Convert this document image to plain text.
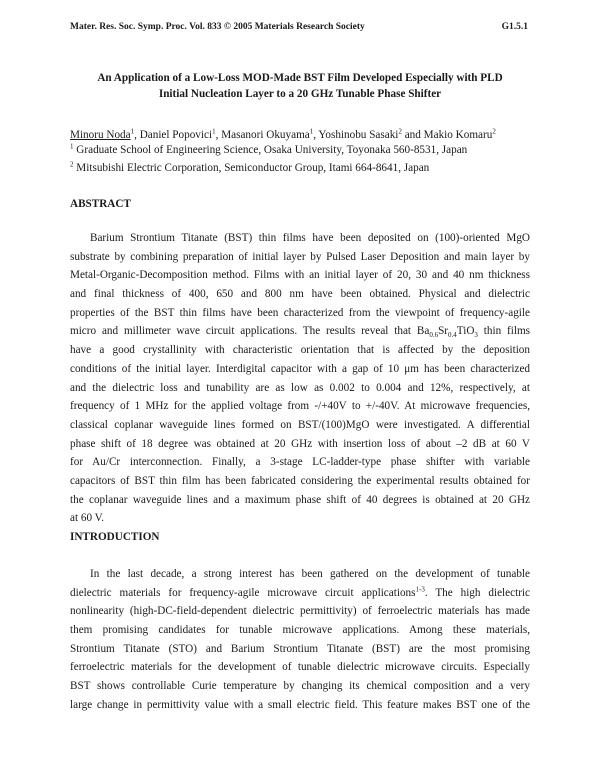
Mater. Res. Soc. Symp. Proc. Vol. 833 © 2005 Materials Research Society	G1.5.1
An Application of a Low-Loss MOD-Made BST Film Developed Especially with PLD
Initial Nucleation Layer to a 20 GHz Tunable Phase Shifter
Minoru Noda$^1$, Daniel Popovici$^1$, Masanori Okuyama$^1$, Yoshinobu Sasaki$^2$ and Makio Komaru$^2$
$^1$ Graduate School of Engineering Science, Osaka University, Toyonaka 560-8531, Japan
$^2$ Mitsubishi Electric Corporation, Semiconductor Group, Itami 664-8641, Japan
ABSTRACT
Barium Strontium Titanate (BST) thin films have been deposited on (100)-oriented MgO
substrate by combining preparation of initial layer by Pulsed Laser Deposition and main layer by
Metal-Organic-Decomposition method. Films with an initial layer of 20, 30 and 40 nm thickness
and final thickness of 400, 650 and 800 nm have been obtained. Physical and dielectric
properties of the BST thin films have been characterized from the viewpoint of frequency-agile
micro and millimeter wave circuit applications. The results reveal that $Ba_{0.6}Sr_{0.4}TiO_3$ thin films
have a good crystallinity with characteristic orientation that is affected by the deposition
conditions of the initial layer. Interdigital capacitor with a gap of 10 μm has been characterized
and the dielectric loss and tunability are as low as 0.002 to 0.004 and 12%, respectively, at
frequency of 1 MHz for the applied voltage from -/+40V to +/-40V. At microwave frequencies,
classical coplanar waveguide lines formed on BST/(100)MgO were investigated. A differential
phase shift of 18 degree was obtained at 20 GHz with insertion loss of about –2 dB at 60 V
for Au/Cr interconnection. Finally, a 3-stage LC-ladder-type phase shifter with variable
capacitors of BST thin film has been fabricated considering the experimental results obtained for
the coplanar waveguide lines and a maximum phase shift of 40 degrees is obtained at 20 GHz
at 60 V.
INTRODUCTION
In the last decade, a strong interest has been gathered on the development of tunable
dielectric materials for frequency-agile microwave circuit applications$^{1-3}$. The high dielectric
nonlinearity (high-DC-field-dependent dielectric permittivity) of ferroelectric materials has made
them promising candidates for tunable microwave applications. Among these materials,
Strontium Titanate (STO) and Barium Strontium Titanate (BST) are the most promising
ferroelectric materials for the development of tunable dielectric microwave circuits. Especially
BST shows controllable Curie temperature by changing its chemical composition and a very
large change in permittivity value with a small electric field. This feature makes BST one of the
